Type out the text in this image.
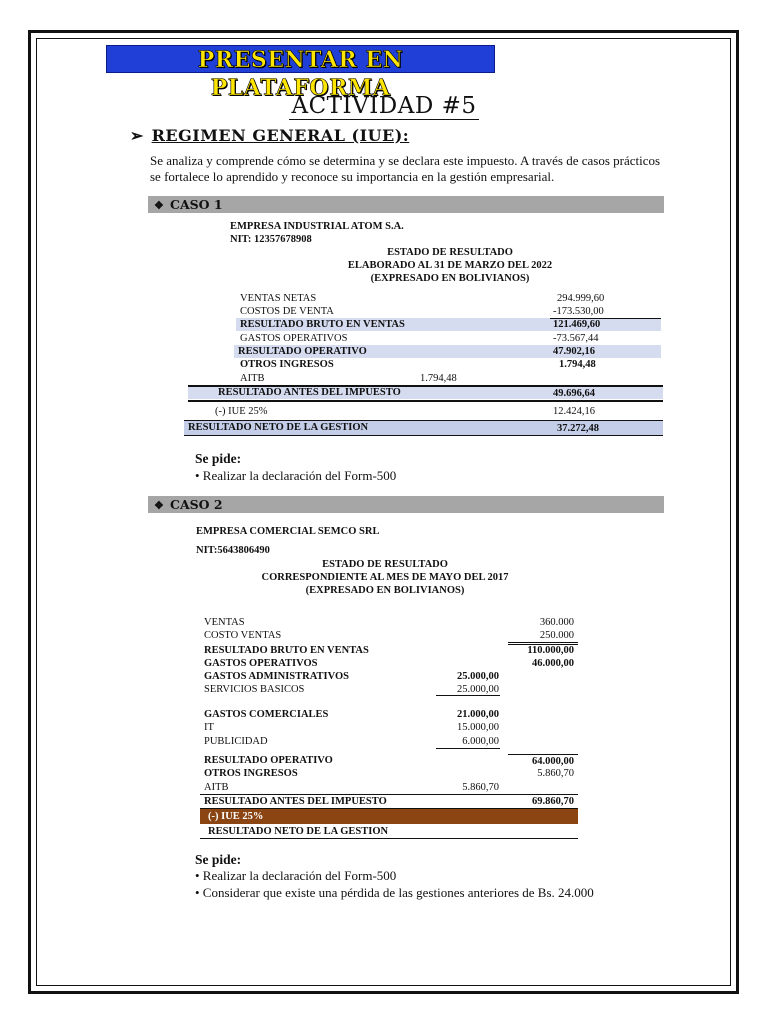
PRESENTAR EN PLATAFORMA
ACTIVIDAD #5
➢ REGIMEN GENERAL (IUE):
Se analiza y comprende cómo se determina y se declara este impuesto. A través de casos prácticos se fortalece lo aprendido y reconoce su importancia en la gestión empresarial.
❖ CASO 1
EMPRESA INDUSTRIAL ATOM S.A.
NIT: 12357678908
ESTADO DE RESULTADO
ELABORADO AL 31 DE MARZO DEL 2022
(EXPRESADO EN BOLIVIANOS)
VENTAS NETAS	294.999,60
COSTOS DE VENTA	-173.530,00
RESULTADO BRUTO EN VENTAS	121.469,60
GASTOS OPERATIVOS	-73.567,44
RESULTADO OPERATIVO	47.902,16
OTROS INGRESOS	1.794,48
AITB	1.794,48
RESULTADO ANTES DEL IMPUESTO	49.696,64
(-) IUE 25%	12.424,16
RESULTADO NETO DE LA GESTION	37.272,48
Se pide:
• Realizar la declaración del Form-500
❖ CASO 2
EMPRESA COMERCIAL SEMCO SRL
NIT:5643806490
ESTADO DE RESULTADO
CORRESPONDIENTE AL MES DE MAYO DEL 2017
(EXPRESADO EN BOLIVIANOS)
VENTAS	360.000
COSTO VENTAS	250.000
RESULTADO BRUTO EN VENTAS	110.000,00
GASTOS OPERATIVOS	46.000,00
GASTOS ADMINISTRATIVOS	25.000,00
SERVICIOS BASICOS	25.000,00
GASTOS COMERCIALES	21.000,00
IT	15.000,00
PUBLICIDAD	6.000,00
RESULTADO OPERATIVO	64.000,00
OTROS INGRESOS	5.860,70
AITB	5.860,70
RESULTADO ANTES DEL IMPUESTO	69.860,70
(-) IUE 25%
RESULTADO NETO DE LA GESTION
Se pide:
• Realizar la declaración del Form-500
• Considerar que existe una pérdida de las gestiones anteriores de Bs. 24.000
